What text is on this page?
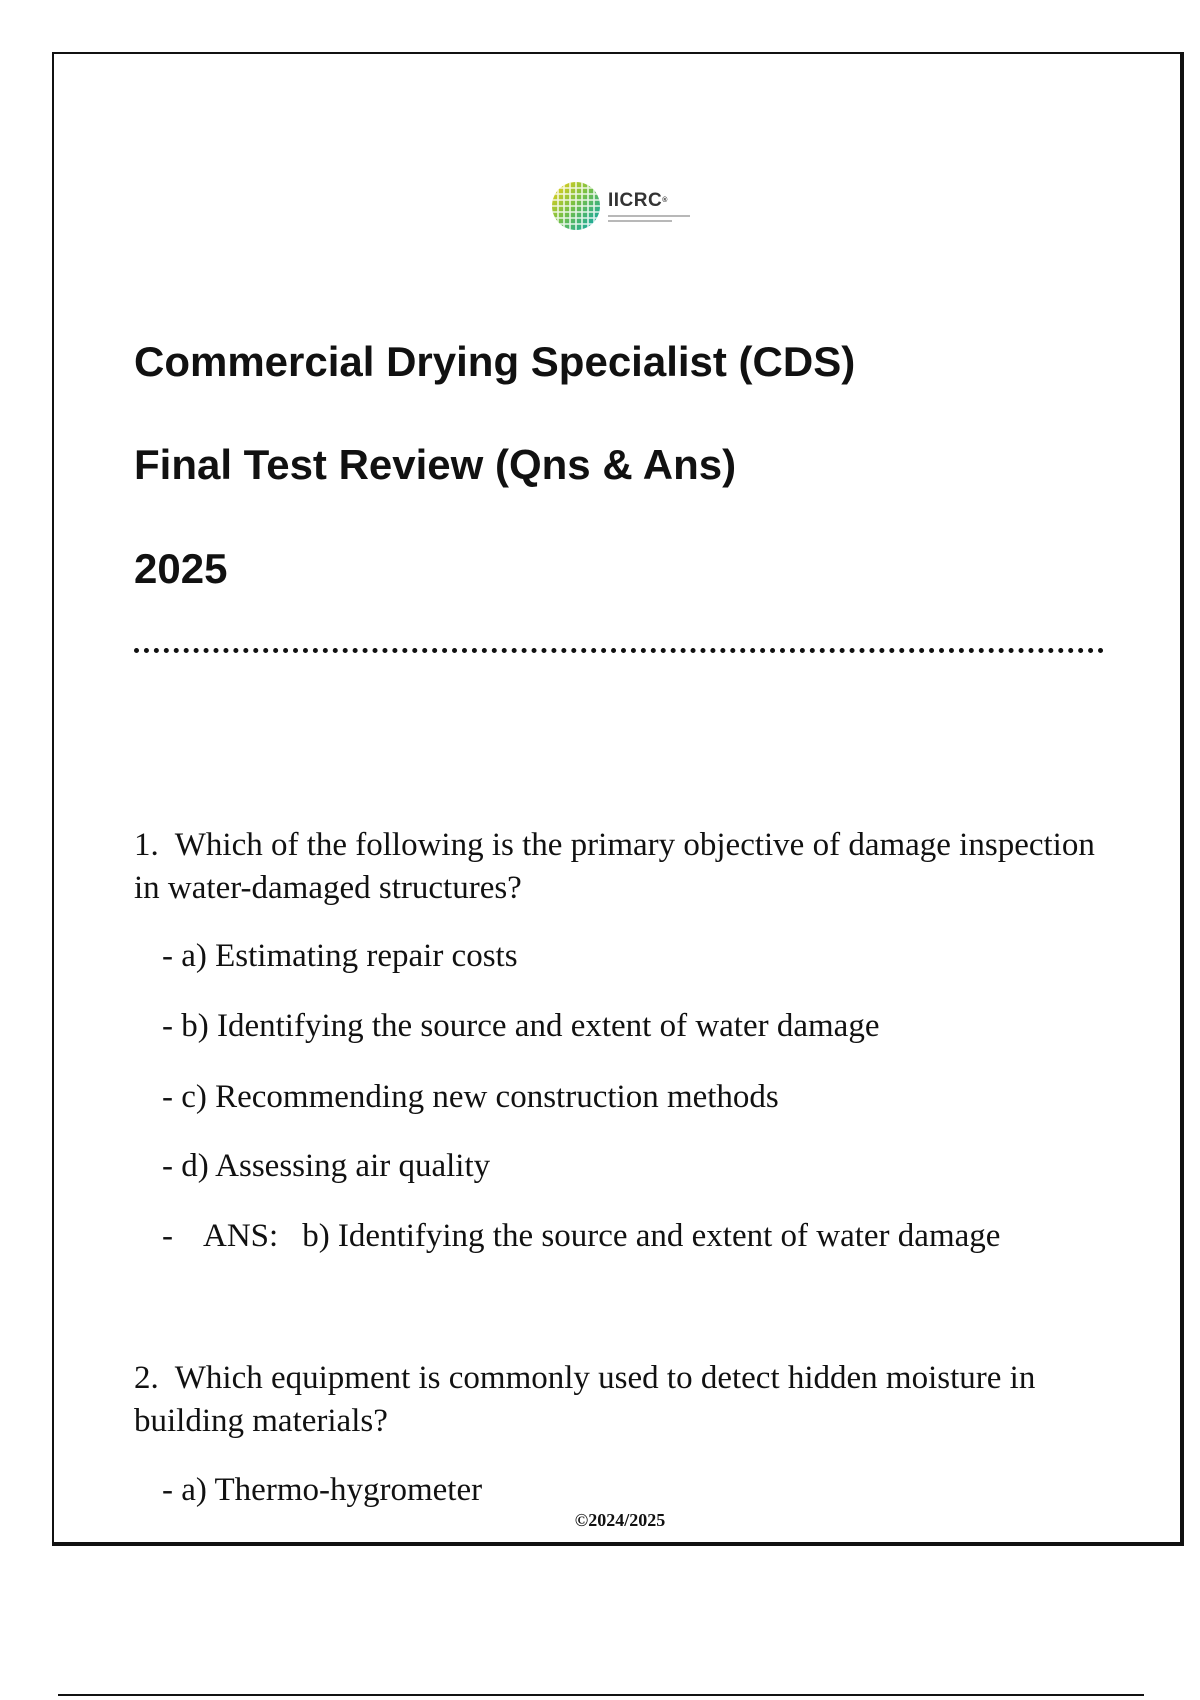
IICRC®
Commercial Drying Specialist (CDS)
Final Test Review (Qns & Ans)
2025
1. Which of the following is the primary objective of damage inspection in water-damaged structures?
- a) Estimating repair costs
- b) Identifying the source and extent of water damage
- c) Recommending new construction methods
- d) Assessing air quality
- ANS: b) Identifying the source and extent of water damage
2. Which equipment is commonly used to detect hidden moisture in building materials?
- a) Thermo-hygrometer
©2024/2025
